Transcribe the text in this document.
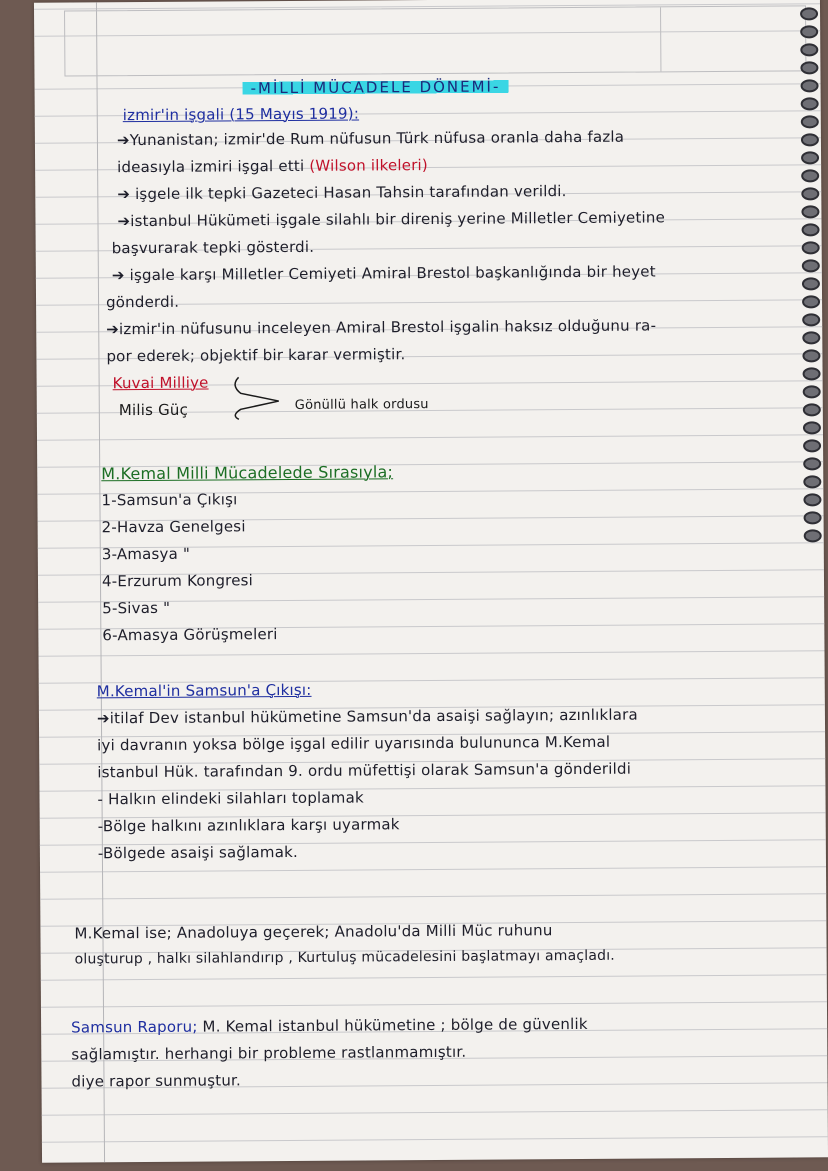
-MİLLİ MÜCADELE DÖNEMİ-
izmir'in işgali (15 Mayıs 1919):
➔Yunanistan; izmir'de Rum nüfusun Türk nüfusa oranla daha fazla
ideasıyla izmiri işgal etti (Wilson ilkeleri)
➔ işgele ilk tepki Gazeteci Hasan Tahsin tarafından verildi.
➔istanbul Hükümeti işgale silahlı bir direniş yerine Milletler Cemiyetine
başvurarak tepki gösterdi.
➔ işgale karşı Milletler Cemiyeti Amiral Brestol başkanlığında bir heyet
gönderdi.
➔izmir'in nüfusunu inceleyen Amiral Brestol işgalin haksız olduğunu ra-
por ederek; objektif bir karar vermiştir.
Kuvai Milliye
Milis Güç	Gönüllü halk ordusu
M.Kemal Milli Mücadelede Sırasıyla;
1-Samsun'a Çıkışı
2-Havza Genelgesi
3-Amasya "
4-Erzurum Kongresi
5-Sivas "
6-Amasya Görüşmeleri
M.Kemal'in Samsun'a Çıkışı:
➔itilaf Dev istanbul hükümetine Samsun'da asaişi sağlayın; azınlıklara
iyi davranın yoksa bölge işgal edilir uyarısında bulununca M.Kemal
istanbul Hük. tarafından 9. ordu müfettişi olarak Samsun'a gönderildi
- Halkın elindeki silahları toplamak
-Bölge halkını azınlıklara karşı uyarmak
-Bölgede asaişi sağlamak.
M.Kemal ise; Anadoluya geçerek; Anadolu'da Milli Müc ruhunu
oluşturup , halkı silahlandırıp , Kurtuluş mücadelesini başlatmayı amaçladı.
Samsun Raporu; M. Kemal istanbul hükümetine ; bölge de güvenlik
sağlamıştır. herhangi bir probleme rastlanmamıştır.
diye rapor sunmuştur.
